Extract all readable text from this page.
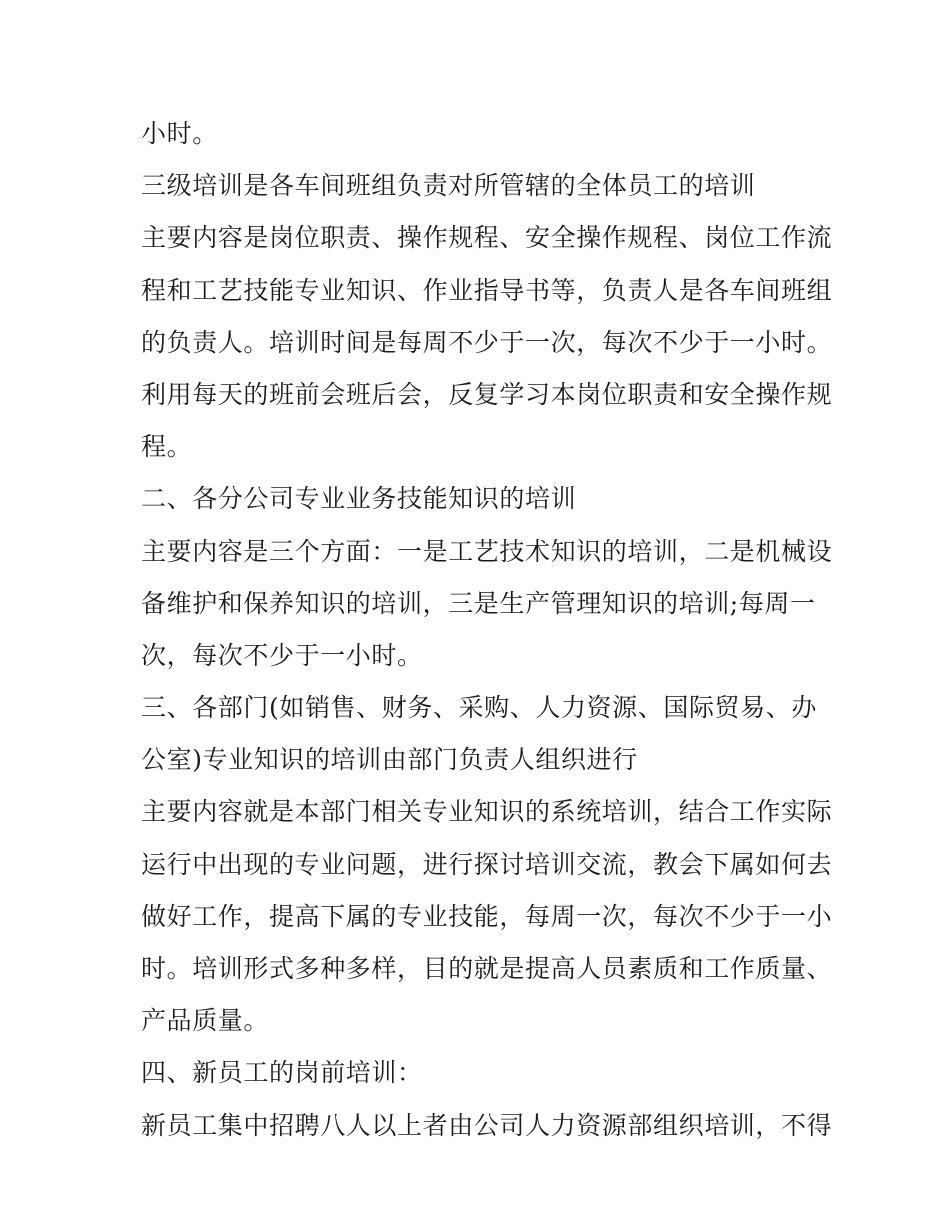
小时。
三级培训是各车间班组负责对所管辖的全体员工的培训
主要内容是岗位职责、操作规程、安全操作规程、岗位工作流
程和工艺技能专业知识、作业指导书等，负责人是各车间班组
的负责人。培训时间是每周不少于一次，每次不少于一小时。
利用每天的班前会班后会，反复学习本岗位职责和安全操作规
程。
二、各分公司专业业务技能知识的培训
主要内容是三个方面：一是工艺技术知识的培训，二是机械设
备维护和保养知识的培训，三是生产管理知识的培训;每周一
次，每次不少于一小时。
三、各部门(如销售、财务、采购、人力资源、国际贸易、办
公室)专业知识的培训由部门负责人组织进行
主要内容就是本部门相关专业知识的系统培训，结合工作实际
运行中出现的专业问题，进行探讨培训交流，教会下属如何去
做好工作，提高下属的专业技能，每周一次，每次不少于一小
时。培训形式多种多样，目的就是提高人员素质和工作质量、
产品质量。
四、新员工的岗前培训：
新员工集中招聘八人以上者由公司人力资源部组织培训，不得
